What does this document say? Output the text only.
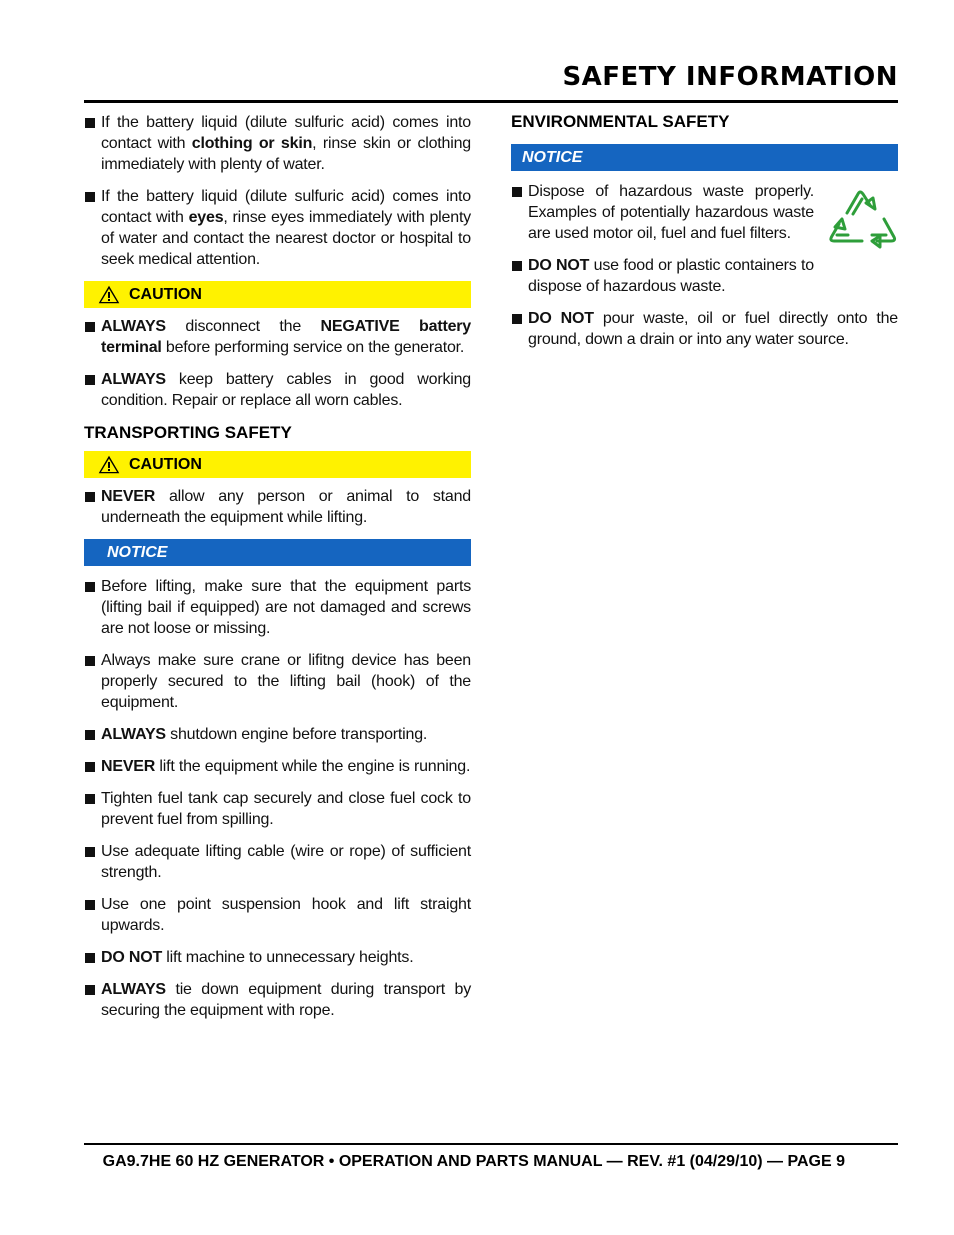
SAFETY INFORMATION
If the battery liquid (dilute sulfuric acid) comes into contact with clothing or skin, rinse skin or clothing immediately with plenty of water.
If the battery liquid (dilute sulfuric acid) comes into contact with eyes, rinse eyes immediately with plenty of water and contact the nearest doctor or hospital to seek medical attention.
CAUTION
ALWAYS disconnect the NEGATIVE battery terminal before performing service on the generator.
ALWAYS keep battery cables in good working condition. Repair or replace all worn cables.
TRANSPORTING SAFETY
CAUTION
NEVER allow any person or animal to stand underneath the equipment while lifting.
NOTICE
Before lifting, make sure that the equipment parts (lifting bail if equipped) are not damaged and screws are not loose or missing.
Always make sure crane or lifitng device has been properly secured to the lifting bail (hook) of the equipment.
ALWAYS shutdown engine before transporting.
NEVER lift the equipment while the engine is running.
Tighten fuel tank cap securely and close fuel cock to prevent fuel from spilling.
Use adequate lifting cable (wire or rope) of sufficient strength.
Use one point suspension hook and lift straight upwards.
DO NOT lift machine to unnecessary heights.
ALWAYS tie down equipment during transport by securing the equipment with rope.
ENVIRONMENTAL SAFETY
NOTICE
Dispose of hazardous waste properly. Examples of potentially hazardous waste are used motor oil, fuel and fuel filters.
DO NOT use food or plastic containers to dispose of hazardous waste.
DO NOT pour waste, oil or fuel directly onto the ground, down a drain or into any water source.
GA9.7HE 60 HZ GENERATOR • OPERATION AND PARTS MANUAL — REV. #1 (04/29/10) — PAGE 9
